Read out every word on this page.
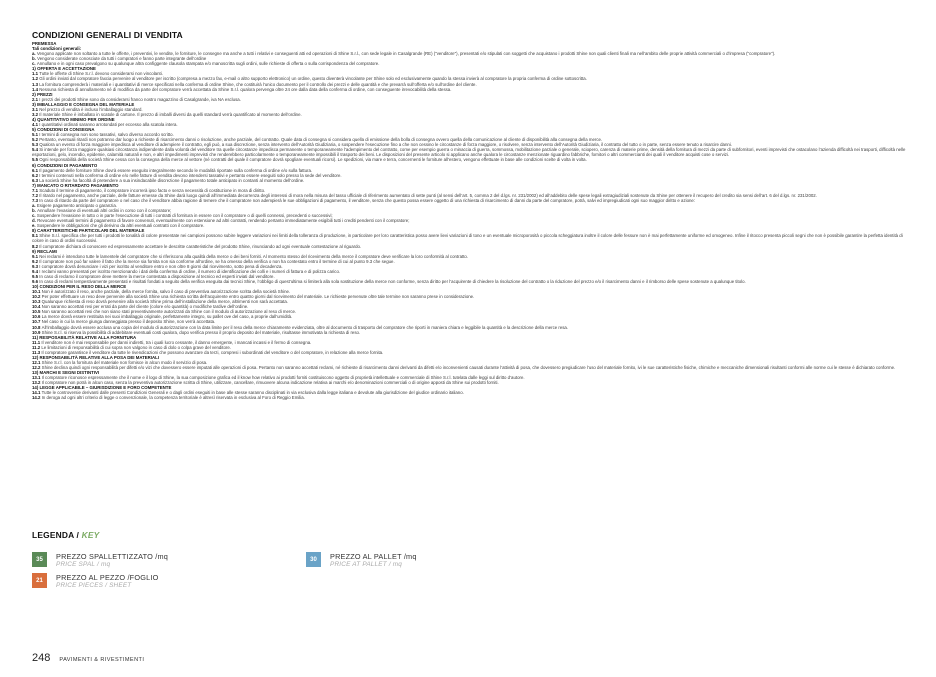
CONDIZIONI GENERALI DI VENDITA

PREMESSA

Tali condizioni generali:

a. Vengono applicate non soltanto a tutte le offerte, i preventivi, le vendite, le forniture, le consegne ma anche a tutti i relativi e conseguenti atti ed operazioni di Shine S.r.l., con sede legale in Casalgrande (RE) ("venditore"), presentati e/o stipulati con soggetti che acquistano i prodotti Shine non quali clienti finali ma nell’ambito delle proprie attività commerciali o d’impresa ("compratore").

b. Vengono considerate conosciute da tutti i compratori e fanno parte integrante dell’ordine

c. Annullano e in ogni caso prevalgono su qualunque altra configgente clausola stampata e/o manoscritta sugli ordini, sulle richieste di offerta o sulla corrispondenza del compratore.

1) OFFERTA E ACCETTAZIONE

1.1 Tutte le offerte di Shine S.r.l. devono considerarsi non vincolanti.

1.2 Gli ordini inviati dal compratore faxcia pervenire al venditore per iscritto (compresa a mezzo fax, e-mail o altro supporto elettronico) un ordine, questo diventerà vincolante per Shine solo ed esclusivamente quando la stessa invierà al compratore la propria conferma di ordine sottoscritta.

1.3 La fornitura comprenderà i materiali e i quantitativi di merce specificati nella conferma di ordine Shine, che costituirà l’unico documento per il controllo dei prezzi e delle quantità e che prevarrà sull’offerta e/o sull’ordine del cliente.

1.4 Nessuna richiesta di annullamento né di modifica da parte del compratore verrà accettata da Shine S.r.l. qualora pervenga oltre 24 ore dalla data della conferma di ordine, con conseguente irrevocabilità della stessa.

2) PREZZI

2.1 I prezzi dei prodotti Shine sono da considerarsi franco nostro magazzino di Casalgrande, iva NA esclusa.

3) IMBALLAGGIO E CONSEGNA DEL MATERIALE

3.1 Nel prezzo di vendita è incluso l’imballaggio standard.

3.2 Il materiale Shine è imballato in scatole di cartone. Il prezzo di imballi diversi da quelli standard verrà quantificato al momento dell’ordine.

4) QUANTITATIVO MINIMO PER ORDINE

4.1 I quantitativi ordinati saranno arrotondati per eccesso alla scatola intera.

5) CONDIZIONI DI CONSEGNA

5.1 I termini di consegna non sono tassativi, salvo diverso accordo scritto.

5.2 Pertanto, eventuali ritardi non potranno dar luogo a richieste di risarcimento danni o risoluzione, anche parziale, del contratto. Quale data di consegna si considera quella di emissione della bolla di consegna ovvero quella della comunicazione al cliente di disponibilità alla consegna della merce.

5.3 Qualora un evento di forza maggiore impedisca al venditore di adempiere il contratto, egli può, a sua discrezione, senza intervento dell’Autorità Giudiziaria, o sospendere l’esecuzione fino a che non cessino le circostanze di forza maggiore, o risolvere, senza intervento dell’Autorità Giudiziaria, il contratto del tutto o in parte, senza essere tenuto a risarcire danni.

5.4 Si intende per forza maggiore qualsiasi circostanza indipendente dalla volontà del venditore tra quelle circostanze impedisca permanente o temporaneamente l’adempimento del contratto, come per esempio guerra o minaccia di guerra, sommossa, mobilitazione parziale o generale, sciopero, carenza di materie prime, densità della fornitura di mezzi da parte di subfornitori, eventi imprevisti che ostacolano l’azienda difficoltà nei trasporti, difficoltà nelle esportazioni, gelo, incendio, epidemie, calamità naturali e non, e altri impedimenti imprevisti che renderebbero particolarmente o temporaneamente impossibili il trasporto dei beni. Le disposizioni del presente articolo si applicano anche qualora le circostanze menzionate riguardino fabbriche, fornitori o altri commercianti dei quali il venditore acquisti cose o servizi.

5.5 Ogni responsabilità della società Shine cessa con la consegna della merce al vettore (né contratti del quale il compratore dovrà spogliare eventuali ricorsi). Le spedizioni, via mare e terra, concernenti le forniture all’estero, vengono effettuate in base alle condizioni scelte di volta in volta.

6) CONDIZIONI DI PAGAMENTO

6.1 Il pagamento delle forniture Shine dovrà essere eseguito integralmente secondo le modalità riportate sulla conferma di ordine e/o sulla fattura.

6.2 I termini contenuti nella conferma di ordine e/o nelle fatture di vendita devono intendersi tassativi e pertanto essere eseguiti solo presso la sede del venditore.

6.3 La società Shine ha facoltà di pretendere a sua insindacabile discrezione il pagamento totale anticipato in contanti al momento dell’ordine.

7) MANCATO O RITARDATO PAGAMENTO

7.1 Scaduto il termine di pagamento, il compratore incorrerà ipso facto e senza necessità di costituzione in mora di diritto.

7.2 Il ritardo nel pagamento, anche parziale, delle fatture emesse da Shine darà luogo quindi all’immediata decorrenza degli interessi di mora nella misura del tasso ufficiale di riferimento aumentato di sette punti (al sensi dell’art. 5, comma 2 del d.lgs. nr. 231/2002) ed all’addebito delle spese legali extragiudiziali sostenute da Shine per ottenere il recupero del credito sia sensi dell’art. 6 del d.lgs. nr. 231/2002.

7.3 In caso di ritardo da parte del compratore o nel caso che il venditore abbia ragione di temere che il compratore non adempierà le sue obbligazioni di pagamento, il venditore, senza che questo possa essere oggetto di una richiesta di risarcimento di danni da parte del compratore, potrà, salvi ed impregiudicati ogni suo maggior diritto e azione:

a. Esigere pagamento anticipato o garanzia.

b. Annullare l’evasione di eventuali altri ordini in corso con il compratore;

c. Sospendere l’evasione in tutto o in parte l’esecuzione di tutti i contratti di fornitura in essere con il compratore o di quelli connessi, precedenti o successivi;

d. Revocare eventuali termini di pagamento di favore convenuti, eventualmente con estensione ad altri contratti, rendendo pertanto immediatamente esigibili tutti i crediti pendenti con il compratore;

e. Sospendere le obbligazioni che gli derivino da altri eventuali contratti con il compratore.

8) CARATTERISTICHE PARTICOLARI DEL MATERIALE

8.1 Shine S.r.l. specifica che per tutti i prodotti le tonalità di colore presentate nei campioni possono subire leggere variazioni nei limiti della tolleranza di produzione, in particolare per loro caratteristica posso avere lievi variazioni di tono e un eventuale microporosità o piccola scheggiatura inoltre il colore delle fessure non è mai perfettamente uniforme ed omogeneo. Infine il ritocco presenta piccoli segni che non è possibile garantire la perfetta identità di colore in caso di ordini successivi.

8.2 Il compratore dichiara di conoscere ed espressamente accettare le descritte caratteristiche del prodotto Shine, rinunciando ad ogni eventuale contestazione al riguardo.

9) RECLAMI

9.1 Nei reclami è intendono tutte le lamentele del compratore che si riferiscono alla qualità della merce o dei beni forniti. Al momento stesso del ricevimento della merce il compratore deve verificare la loro conformità al contratto.

9.2 Il compratore non può far valere il fatto che la merce sia fornita non sia conforme all’ordine, se ha omesso della verifica o non ha contestato entro il termine di cui al punto 9.3 che segue.

9.3 I compratore dovrà denunciare i vizi per iscritto al venditore entro e non oltre 8 giorni dal ricevimento, sotto pena di decadenza.

9.4 I reclami vanno presentati per iscritto menzionando i dati della conferma di ordine, il numero di identificazione dei colli e i numeri di fattura e di polizza carico.

9.5 In caso di reclamo il compratore deve mettere la merce contestata a disposizione al tecnico ed esperti inviati dal venditore.

9.6 In caso di reclami tempestivamente presentati e risultati fondati a seguito della verifica eseguita dai tecnici Shine, l’obbligo di quest’ultima si limiterà alla sola sostituzione della merce non conforme, senza diritto per l’acquirente di chiedere la risoluzione del contratto o la riduzione del prezzo e/o il risarcimento danni e il rimborso delle spese sostenute a qualunque titolo.

10) CONDIZIONI PER IL RESO DELLA MERCE

10.1 Non è autorizzato il reso, anche parziale, della merce fornita, salvo il caso di preventiva autorizzazione scritta della società Shine.

10.2 Per poter effettuare un reso deve pervenire alla società Shine una richiesta scritta dell’acquirente entro quattro giorni dal ricevimento del materiale. Le richieste pervenute oltre tale termine non saranno prese in considerazione.

10.3 Qualunque richiesta di reso dovrà pervenire alla società Shine prima dell’installazione della merce, altrimenti non sarà accettata.

10.4 Non saranno accettati resi per errati da parte del cliente (colore e/o quantità) o modifiche tardive dell’ordine.

10.5 Non saranno accettati resi che non siano stati preventivamente autorizzati da Shine con il modulo di autorizzazione al reso di merce.

10.6 La merce dovrà essere restituita nei suoi imballaggio originale, perfettamente integro, su pallet ove del caso, a proprie dall’umidità.

10.7 Nel caso in cui la merce giunga danneggiata presso il deposito Shine, non verrà accettata.

10.8 All’imballaggio dovrà essere acclusa una copia del modulo di autorizzazione con la data limite per il reso della merce chiaramente evidenziata, oltre al documento di trasporto del compratore che riporti in maniera chiara e leggibile la quantità e la descrizione della merce resa.

10.9 Shine S.r.l. si riserva la possibilità di addebitare eventuali costi qualora, dopo verifica presso il proprio deposito del materiale, risultasse immotivata la richiesta di reso.

11) RESPOSABILITÀ RELATIVE ALLA FORNITURA

11.1 Il venditore non è mai responsabile per danni indiretti, tra i quali lucro cessante, il danno emergente, i mancati incassi e il fermo di consegna.

11.2 Le limitazioni di responsabilità di cui sopra non valgono in caso di dolo o colpa grave del venditore.

11.3 Il compratore garantisce il venditore da tutte le rivendicazioni che possono avanzare da terzi, compresi i subordinati del venditore o del compratore, in relazione alla merce fornita.

12) RESPONSABILITÀ RELATIVE ALLA POSA DEI MATERIALI

12.1 Shine S.r.l. con la fornitura del materiale non fornisce in alcun modo il servizio di posa.

12.2 Shine declina quindi ogni responsabilità per difetti e/o vizi che dovessero essere imputati alle operazioni di posa. Pertanto non saranno accettati reclami, né richieste di risarcimento danni derivanti da difetti e/o inconvenienti causati durante l’attività di posa, che dovessero pregiudicare l’uso del materiale fornito, ivi le sue caratteristiche fisiche, chimiche e meccaniche dimensionali risultanti conformi alle norme cui le stesse è dichiarato conforme.

13) MARCHI E SEGNI DISTINTIVI

13.1 Il compratore riconosce espressamente che il nome e il logo di Shine, la sua composizione grafica ed il know how relativo ai prodotti forniti costituiscono oggetto di proprietà intellettuale e commerciale di Shine S.r.l. tutelata dalle leggi sul diritto d’autore.

13.2 Il compratore non potrà in alcun caso, senza la preventiva autorizzazione scritta di Shine, utilizzare, cancellare, rimuovere alcuna indicazione relativa ai marchi e/o denominazioni commerciali o di origine apposti da Shine sui prodotti forniti.

14) LEGGE APPLICABILE – GIURISDIZIONE E FORO COMPETENTE

14.1 Tutte le controversie derivanti dalle presenti Condizioni Generali e o dagli ordini eseguiti in base alle stesse saranno disciplinati in via esclusiva dalla legge italiana e devolute alla giurisdizione del giudice ordinario italiano.

14.2 In deroga ad ogni altri criterio di legge o convenzionale, la competenza territoriale è altresì riservata in esclusiva al Foro di Reggio Emilia.

LEGENDA / KEY
35	PREZZO SPALLETTIZZATO /mq
PRICE SPAL / mq
30	PREZZO AL PALLET /mq
PRICE AT PALLET / mq
21	PREZZO AL PEZZO /FOGLIO
PRICE PIECES / SHEET
248 PAVIMENTI & RIVESTIMENTI
